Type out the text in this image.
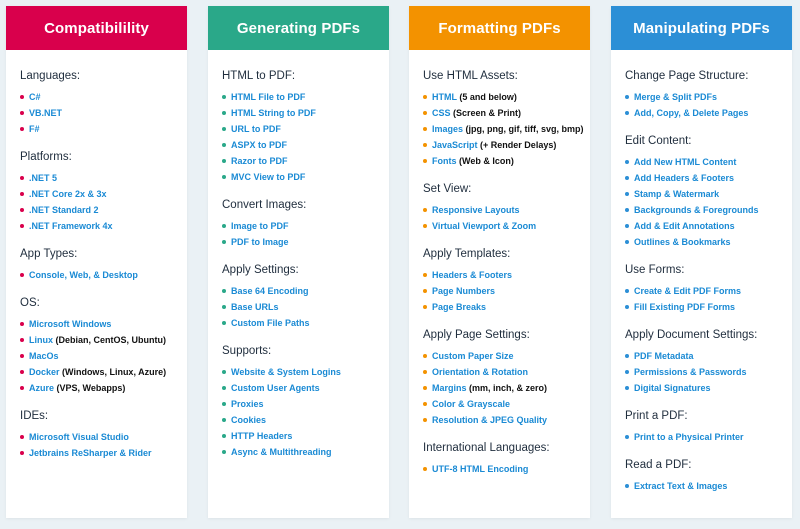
Compatibilility
Languages:
C#
VB.NET
F#
Platforms:
.NET 5
.NET Core 2x & 3x
.NET Standard 2
.NET Framework 4x
App Types:
Console, Web, & Desktop
OS:
Microsoft Windows
Linux (Debian, CentOS, Ubuntu)
MacOs
Docker (Windows, Linux, Azure)
Azure (VPS, Webapps)
IDEs:
Microsoft Visual Studio
Jetbrains ReSharper & Rider
Generating PDFs
HTML to PDF:
HTML File to PDF
HTML String to PDF
URL to PDF
ASPX to PDF
Razor to PDF
MVC View to PDF
Convert Images:
Image to PDF
PDF to Image
Apply Settings:
Base 64 Encoding
Base URLs
Custom File Paths
Supports:
Website & System Logins
Custom User Agents
Proxies
Cookies
HTTP Headers
Async & Multithreading
Formatting PDFs
Use HTML Assets:
HTML (5 and below)
CSS (Screen & Print)
Images (jpg, png, gif, tiff, svg, bmp)
JavaScript (+ Render Delays)
Fonts (Web & Icon)
Set View:
Responsive Layouts
Virtual Viewport & Zoom
Apply Templates:
Headers & Footers
Page Numbers
Page Breaks
Apply Page Settings:
Custom Paper Size
Orientation & Rotation
Margins (mm, inch, & zero)
Color & Grayscale
Resolution & JPEG Quality
International Languages:
UTF-8 HTML Encoding
Manipulating PDFs
Change Page Structure:
Merge & Split PDFs
Add, Copy, & Delete Pages
Edit Content:
Add New HTML Content
Add Headers & Footers
Stamp & Watermark
Backgrounds & Foregrounds
Add & Edit Annotations
Outlines & Bookmarks
Use Forms:
Create & Edit PDF Forms
Fill Existing PDF Forms
Apply Document Settings:
PDF Metadata
Permissions & Passwords
Digital Signatures
Print a PDF:
Print to a Physical Printer
Read a PDF:
Extract Text & Images
